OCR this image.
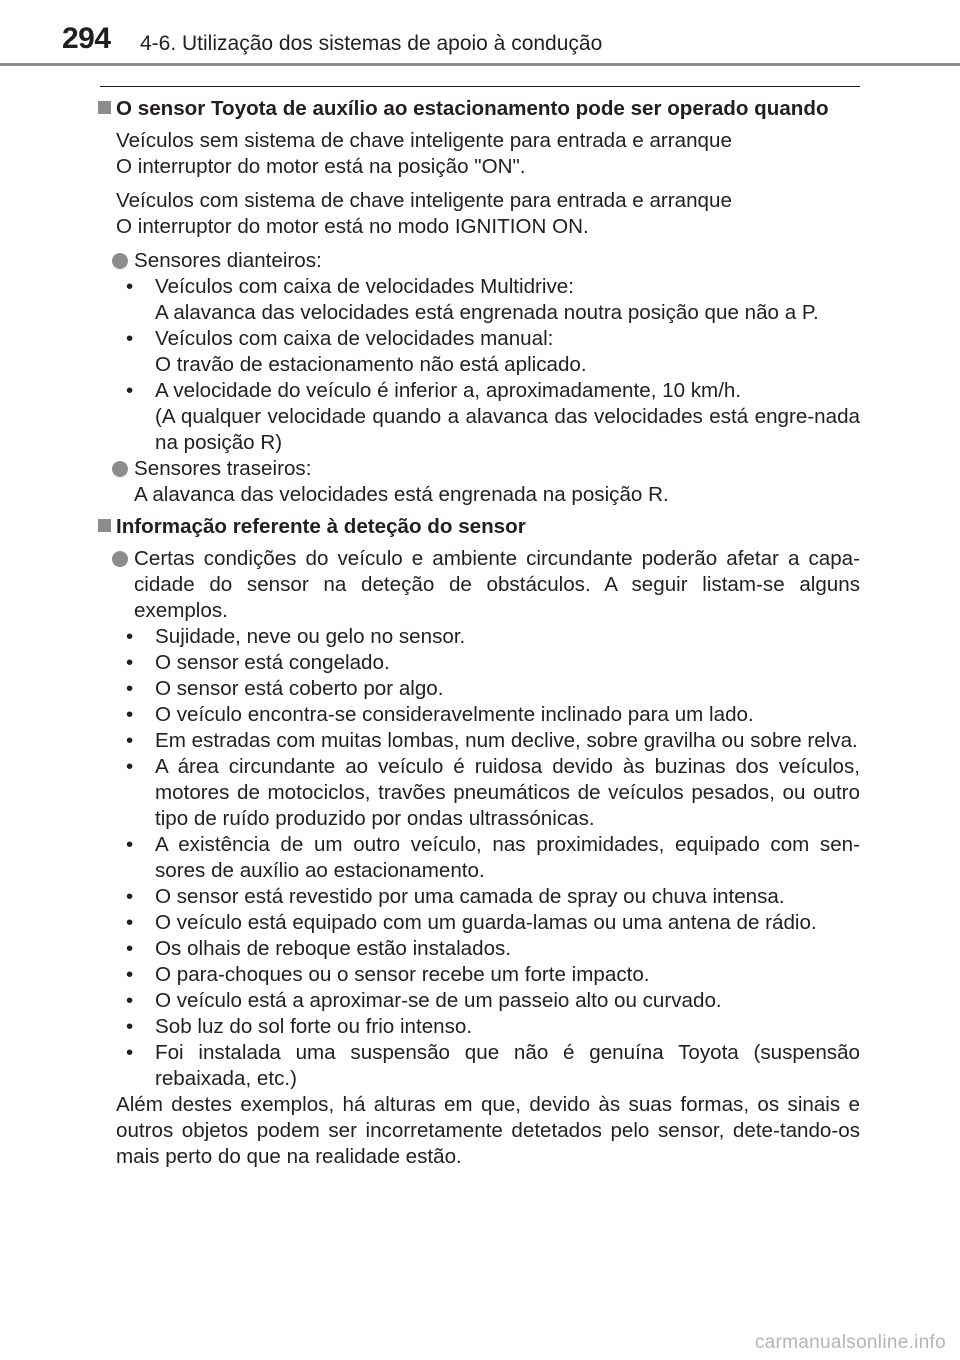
294 4-6. Utilização dos sistemas de apoio à condução
O sensor Toyota de auxílio ao estacionamento pode ser operado quando

Veículos sem sistema de chave inteligente para entrada e arranque

O interruptor do motor está na posição "ON".

Veículos com sistema de chave inteligente para entrada e arranque

O interruptor do motor está no modo IGNITION ON.

Sensores dianteiros:

• Veículos com caixa de velocidades Multidrive:
A alavanca das velocidades está engrenada noutra posição que não a P.
• Veículos com caixa de velocidades manual:
O travão de estacionamento não está aplicado.
• A velocidade do veículo é inferior a, aproximadamente, 10 km/h.
(A qualquer velocidade quando a alavanca das velocidades está engre-nada na posição R)

Sensores traseiros:

A alavanca das velocidades está engrenada na posição R.

Informação referente à deteção do sensor

Certas condições do veículo e ambiente circundante poderão afetar a capa-cidade do sensor na deteção de obstáculos. A seguir listam-se alguns exemplos.

• Sujidade, neve ou gelo no sensor.
• O sensor está congelado.
• O sensor está coberto por algo.
• O veículo encontra-se consideravelmente inclinado para um lado.
• Em estradas com muitas lombas, num declive, sobre gravilha ou sobre relva.
• A área circundante ao veículo é ruidosa devido às buzinas dos veículos, motores de motociclos, travões pneumáticos de veículos pesados, ou outro tipo de ruído produzido por ondas ultrassónicas.
• A existência de um outro veículo, nas proximidades, equipado com sen-sores de auxílio ao estacionamento.
• O sensor está revestido por uma camada de spray ou chuva intensa.
• O veículo está equipado com um guarda-lamas ou uma antena de rádio.
• Os olhais de reboque estão instalados.
• O para-choques ou o sensor recebe um forte impacto.
• O veículo está a aproximar-se de um passeio alto ou curvado.
• Sob luz do sol forte ou frio intenso.
• Foi instalada uma suspensão que não é genuína Toyota (suspensão rebaixada, etc.)

Além destes exemplos, há alturas em que, devido às suas formas, os sinais e outros objetos podem ser incorretamente detetados pelo sensor, dete-tando-os mais perto do que na realidade estão.

carmanualsonline.info
